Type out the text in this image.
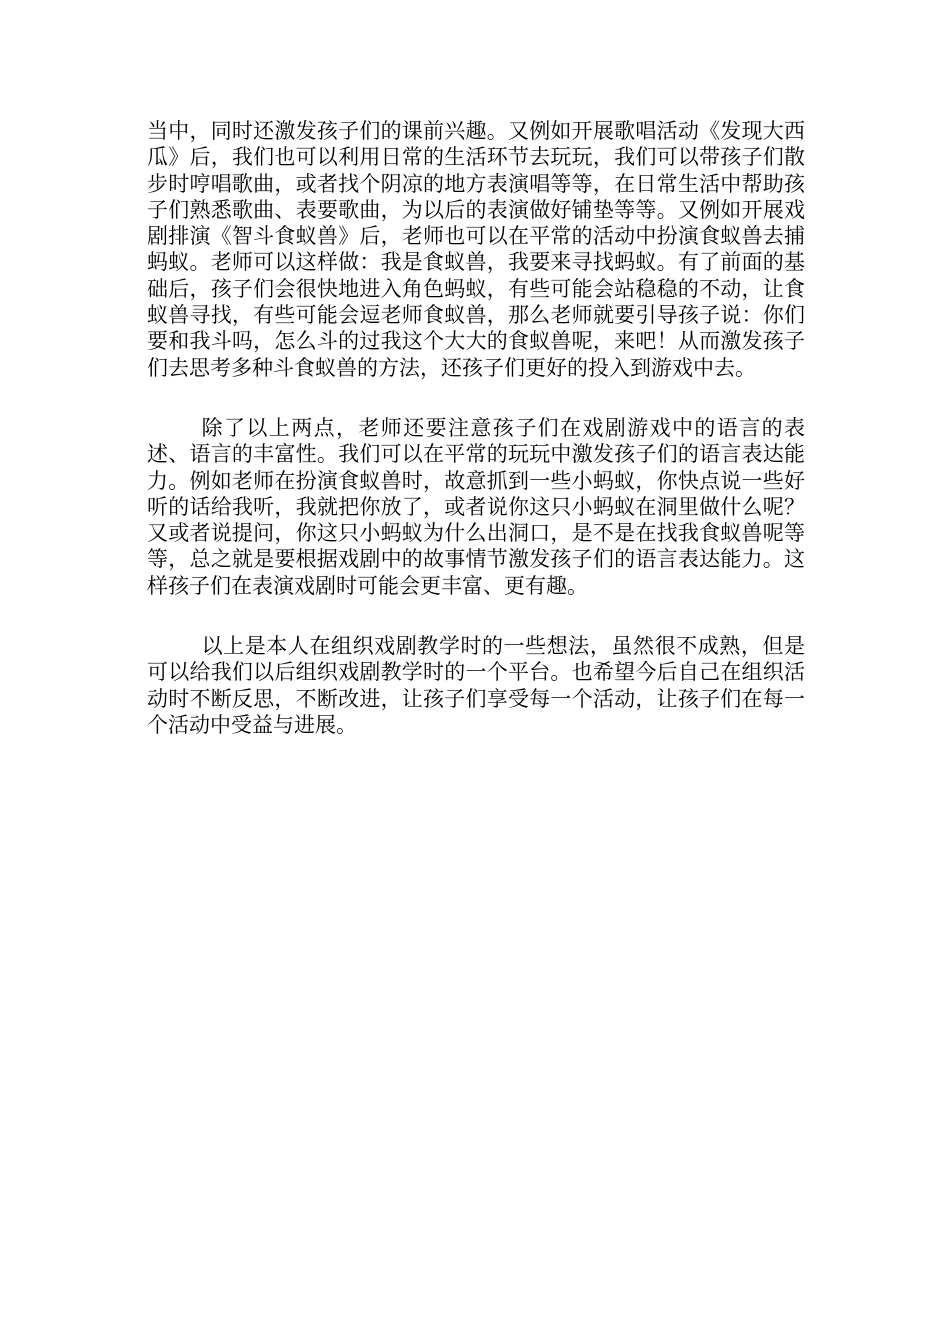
当中，同时还激发孩子们的课前兴趣。又例如开展歌唱活动《发现大西瓜》后，我们也可以利用日常的生活环节去玩玩，我们可以带孩子们散步时哼唱歌曲，或者找个阴凉的地方表演唱等等，在日常生活中帮助孩子们熟悉歌曲、表要歌曲，为以后的表演做好铺垫等等。又例如开展戏剧排演《智斗食蚁兽》后，老师也可以在平常的活动中扮演食蚁兽去捕蚂蚁。老师可以这样做：我是食蚁兽，我要来寻找蚂蚁。有了前面的基础后，孩子们会很快地进入角色蚂蚁，有些可能会站稳稳的不动，让食蚁兽寻找，有些可能会逗老师食蚁兽，那么老师就要引导孩子说：你们要和我斗吗，怎么斗的过我这个大大的食蚁兽呢，来吧！从而激发孩子们去思考多种斗食蚁兽的方法，还孩子们更好的投入到游戏中去。

除了以上两点，老师还要注意孩子们在戏剧游戏中的语言的表述、语言的丰富性。我们可以在平常的玩玩中激发孩子们的语言表达能力。例如老师在扮演食蚁兽时，故意抓到一些小蚂蚁，你快点说一些好听的话给我听，我就把你放了，或者说你这只小蚂蚁在洞里做什么呢？又或者说提问，你这只小蚂蚁为什么出洞口，是不是在找我食蚁兽呢等等，总之就是要根据戏剧中的故事情节激发孩子们的语言表达能力。这样孩子们在表演戏剧时可能会更丰富、更有趣。

以上是本人在组织戏剧教学时的一些想法，虽然很不成熟，但是可以给我们以后组织戏剧教学时的一个平台。也希望今后自己在组织活动时不断反思，不断改进，让孩子们享受每一个活动，让孩子们在每一个活动中受益与进展。
